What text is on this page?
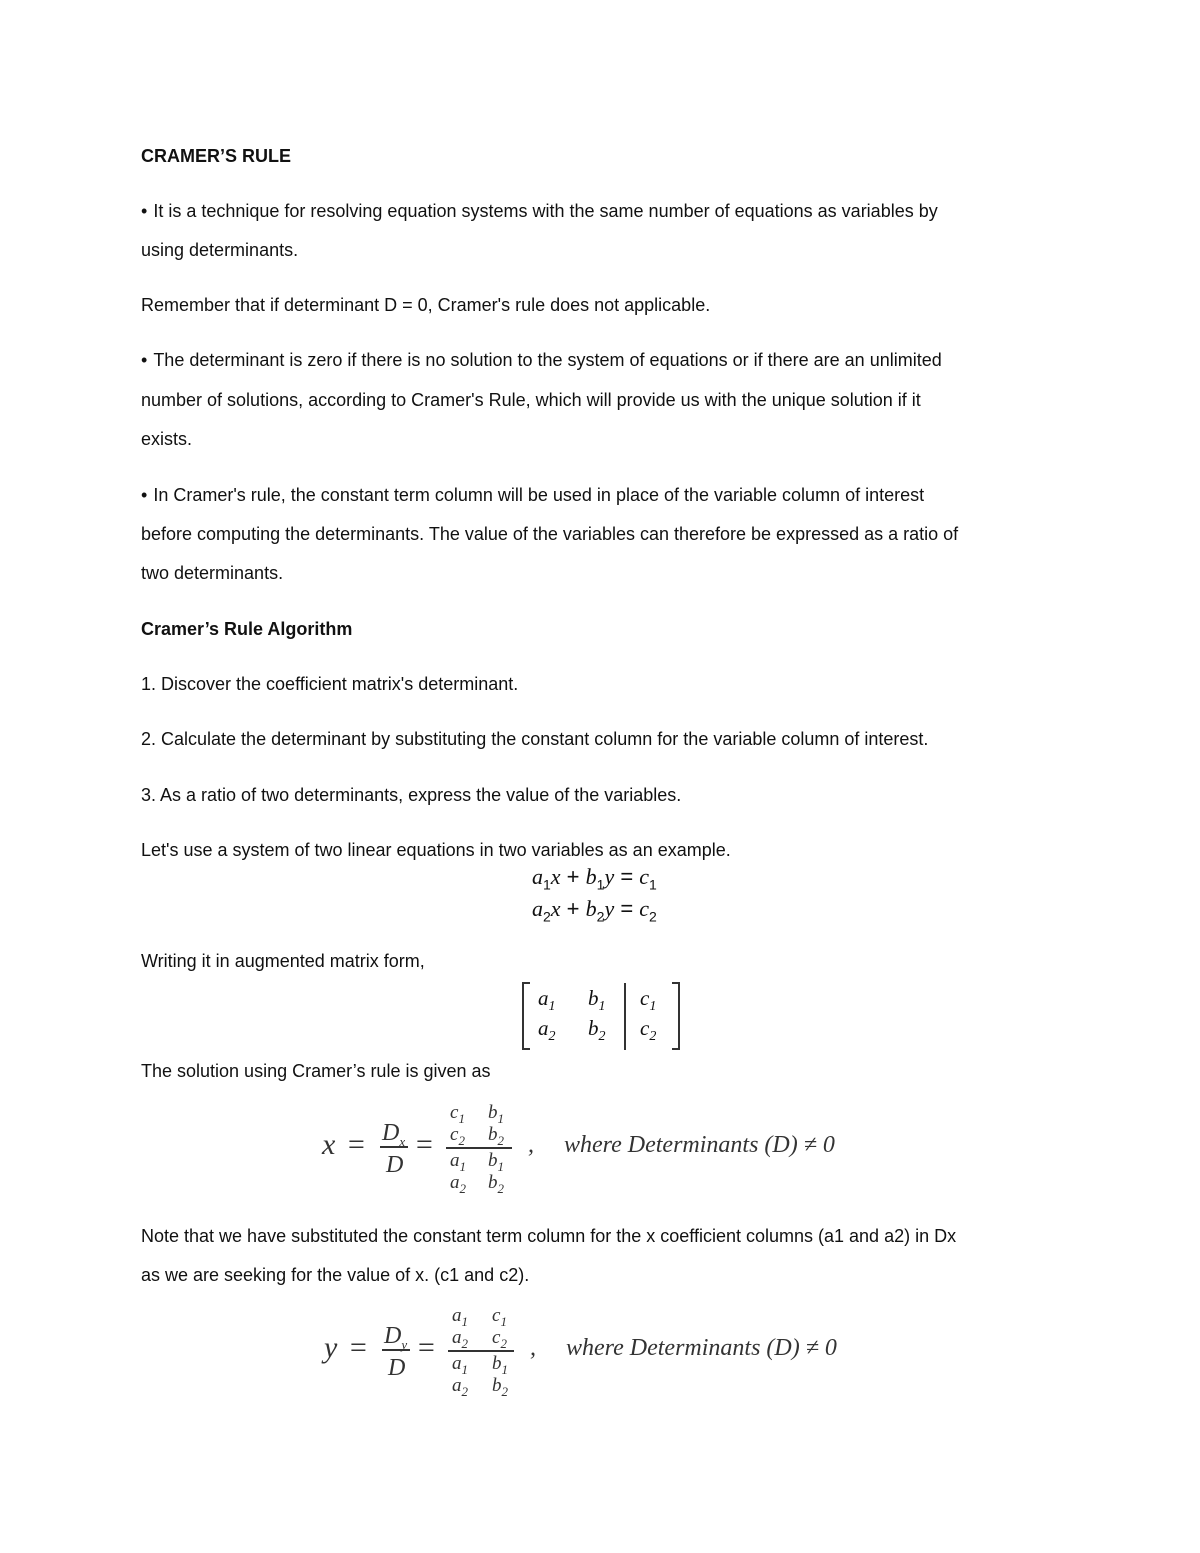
CRAMER’S RULE

• It is a technique for resolving equation systems with the same number of equations as variables by

using determinants.

Remember that if determinant D = 0, Cramer's rule does not applicable.

• The determinant is zero if there is no solution to the system of equations or if there are an unlimited

number of solutions, according to Cramer's Rule, which will provide us with the unique solution if it

exists.

• In Cramer's rule, the constant term column will be used in place of the variable column of interest

before computing the determinants. The value of the variables can therefore be expressed as a ratio of

two determinants.

Cramer’s Rule Algorithm

1. Discover the coefficient matrix's determinant.

2. Calculate the determinant by substituting the constant column for the variable column of interest.

3. As a ratio of two determinants, express the value of the variables.

Let's use a system of two linear equations in two variables as an example.

$a_1x + b_1y = c_1$
$a_2x + b_2y = c_2$

Writing it in augmented matrix form,

$a_1$ $b_1$ $c_1$
$a_2$ $b_2$ $c_2$

The solution using Cramer’s rule is given as

$x = D_x$
D
=
$c_1$ $b_1$
$c_2$ $b_2$
$a_1$ $b_1$
$a_2$ $b_2$
, where Determinants (D) ≠ 0

Note that we have substituted the constant term column for the x coefficient columns (a1 and a2) in Dx

as we are seeking for the value of x. (c1 and c2).

$y = D_y$
D
=
$a_1$ $c_1$
$a_2$ $c_2$
$a_1$ $b_1$
$a_2$ $b_2$
, where Determinants (D) ≠ 0
